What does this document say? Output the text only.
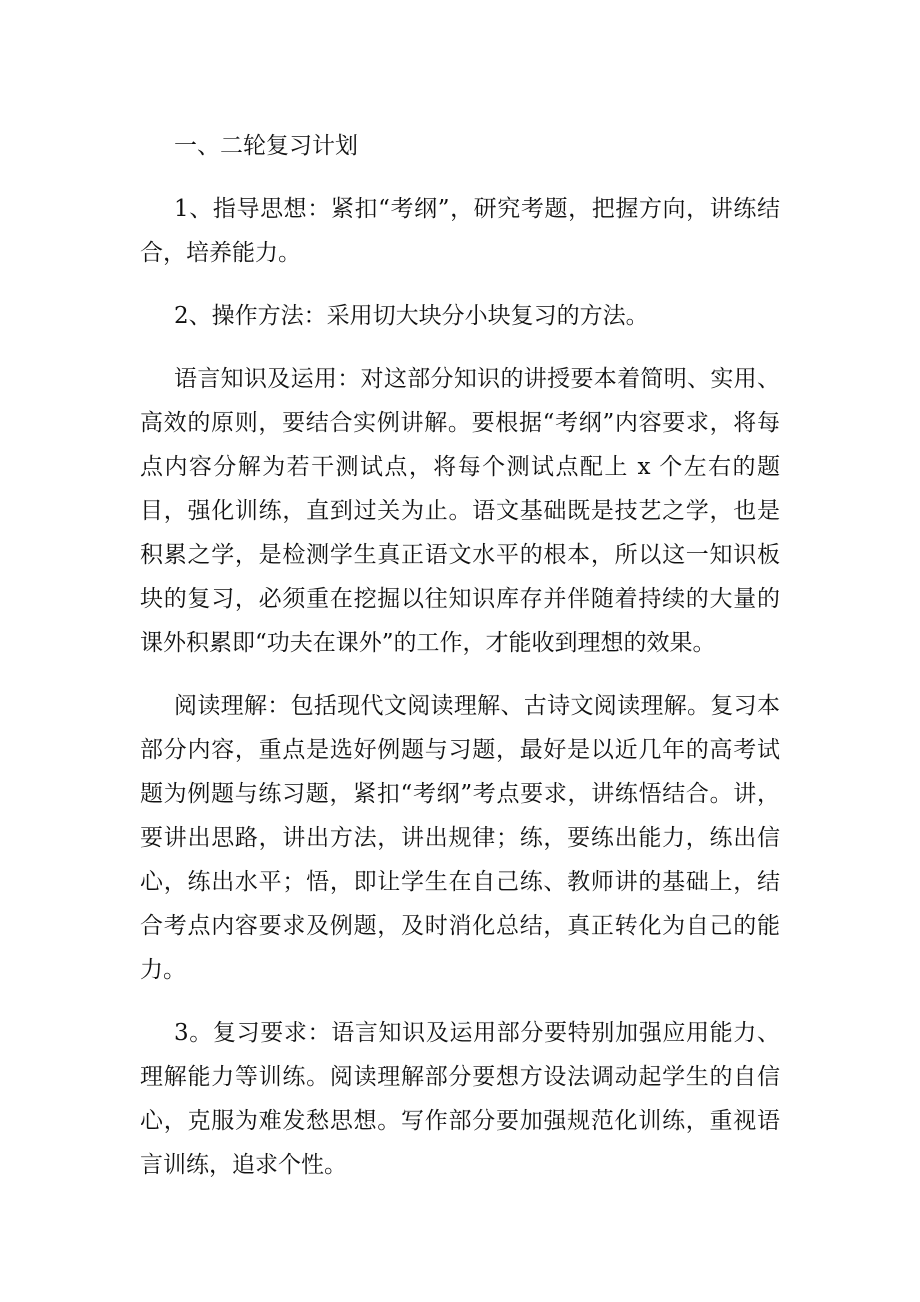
一、二轮复习计划

1、指导思想：紧扣“考纲”，研究考题，把握方向，讲练结合，培养能力。

2、操作方法：采用切大块分小块复习的方法。

语言知识及运用：对这部分知识的讲授要本着简明、实用、高效的原则，要结合实例讲解。要根据“考纲”内容要求，将每点内容分解为若干测试点，将每个测试点配上 x 个左右的题目，强化训练，直到过关为止。语文基础既是技艺之学，也是积累之学，是检测学生真正语文水平的根本，所以这一知识板块的复习，必须重在挖掘以往知识库存并伴随着持续的大量的课外积累即“功夫在课外”的工作，才能收到理想的效果。

阅读理解：包括现代文阅读理解、古诗文阅读理解。复习本部分内容，重点是选好例题与习题，最好是以近几年的高考试题为例题与练习题，紧扣“考纲”考点要求，讲练悟结合。讲，要讲出思路，讲出方法，讲出规律；练，要练出能力，练出信心，练出水平；悟，即让学生在自己练、教师讲的基础上，结合考点内容要求及例题，及时消化总结，真正转化为自己的能力。

3。复习要求：语言知识及运用部分要特别加强应用能力、理解能力等训练。阅读理解部分要想方设法调动起学生的自信心，克服为难发愁思想。写作部分要加强规范化训练，重视语言训练，追求个性。
